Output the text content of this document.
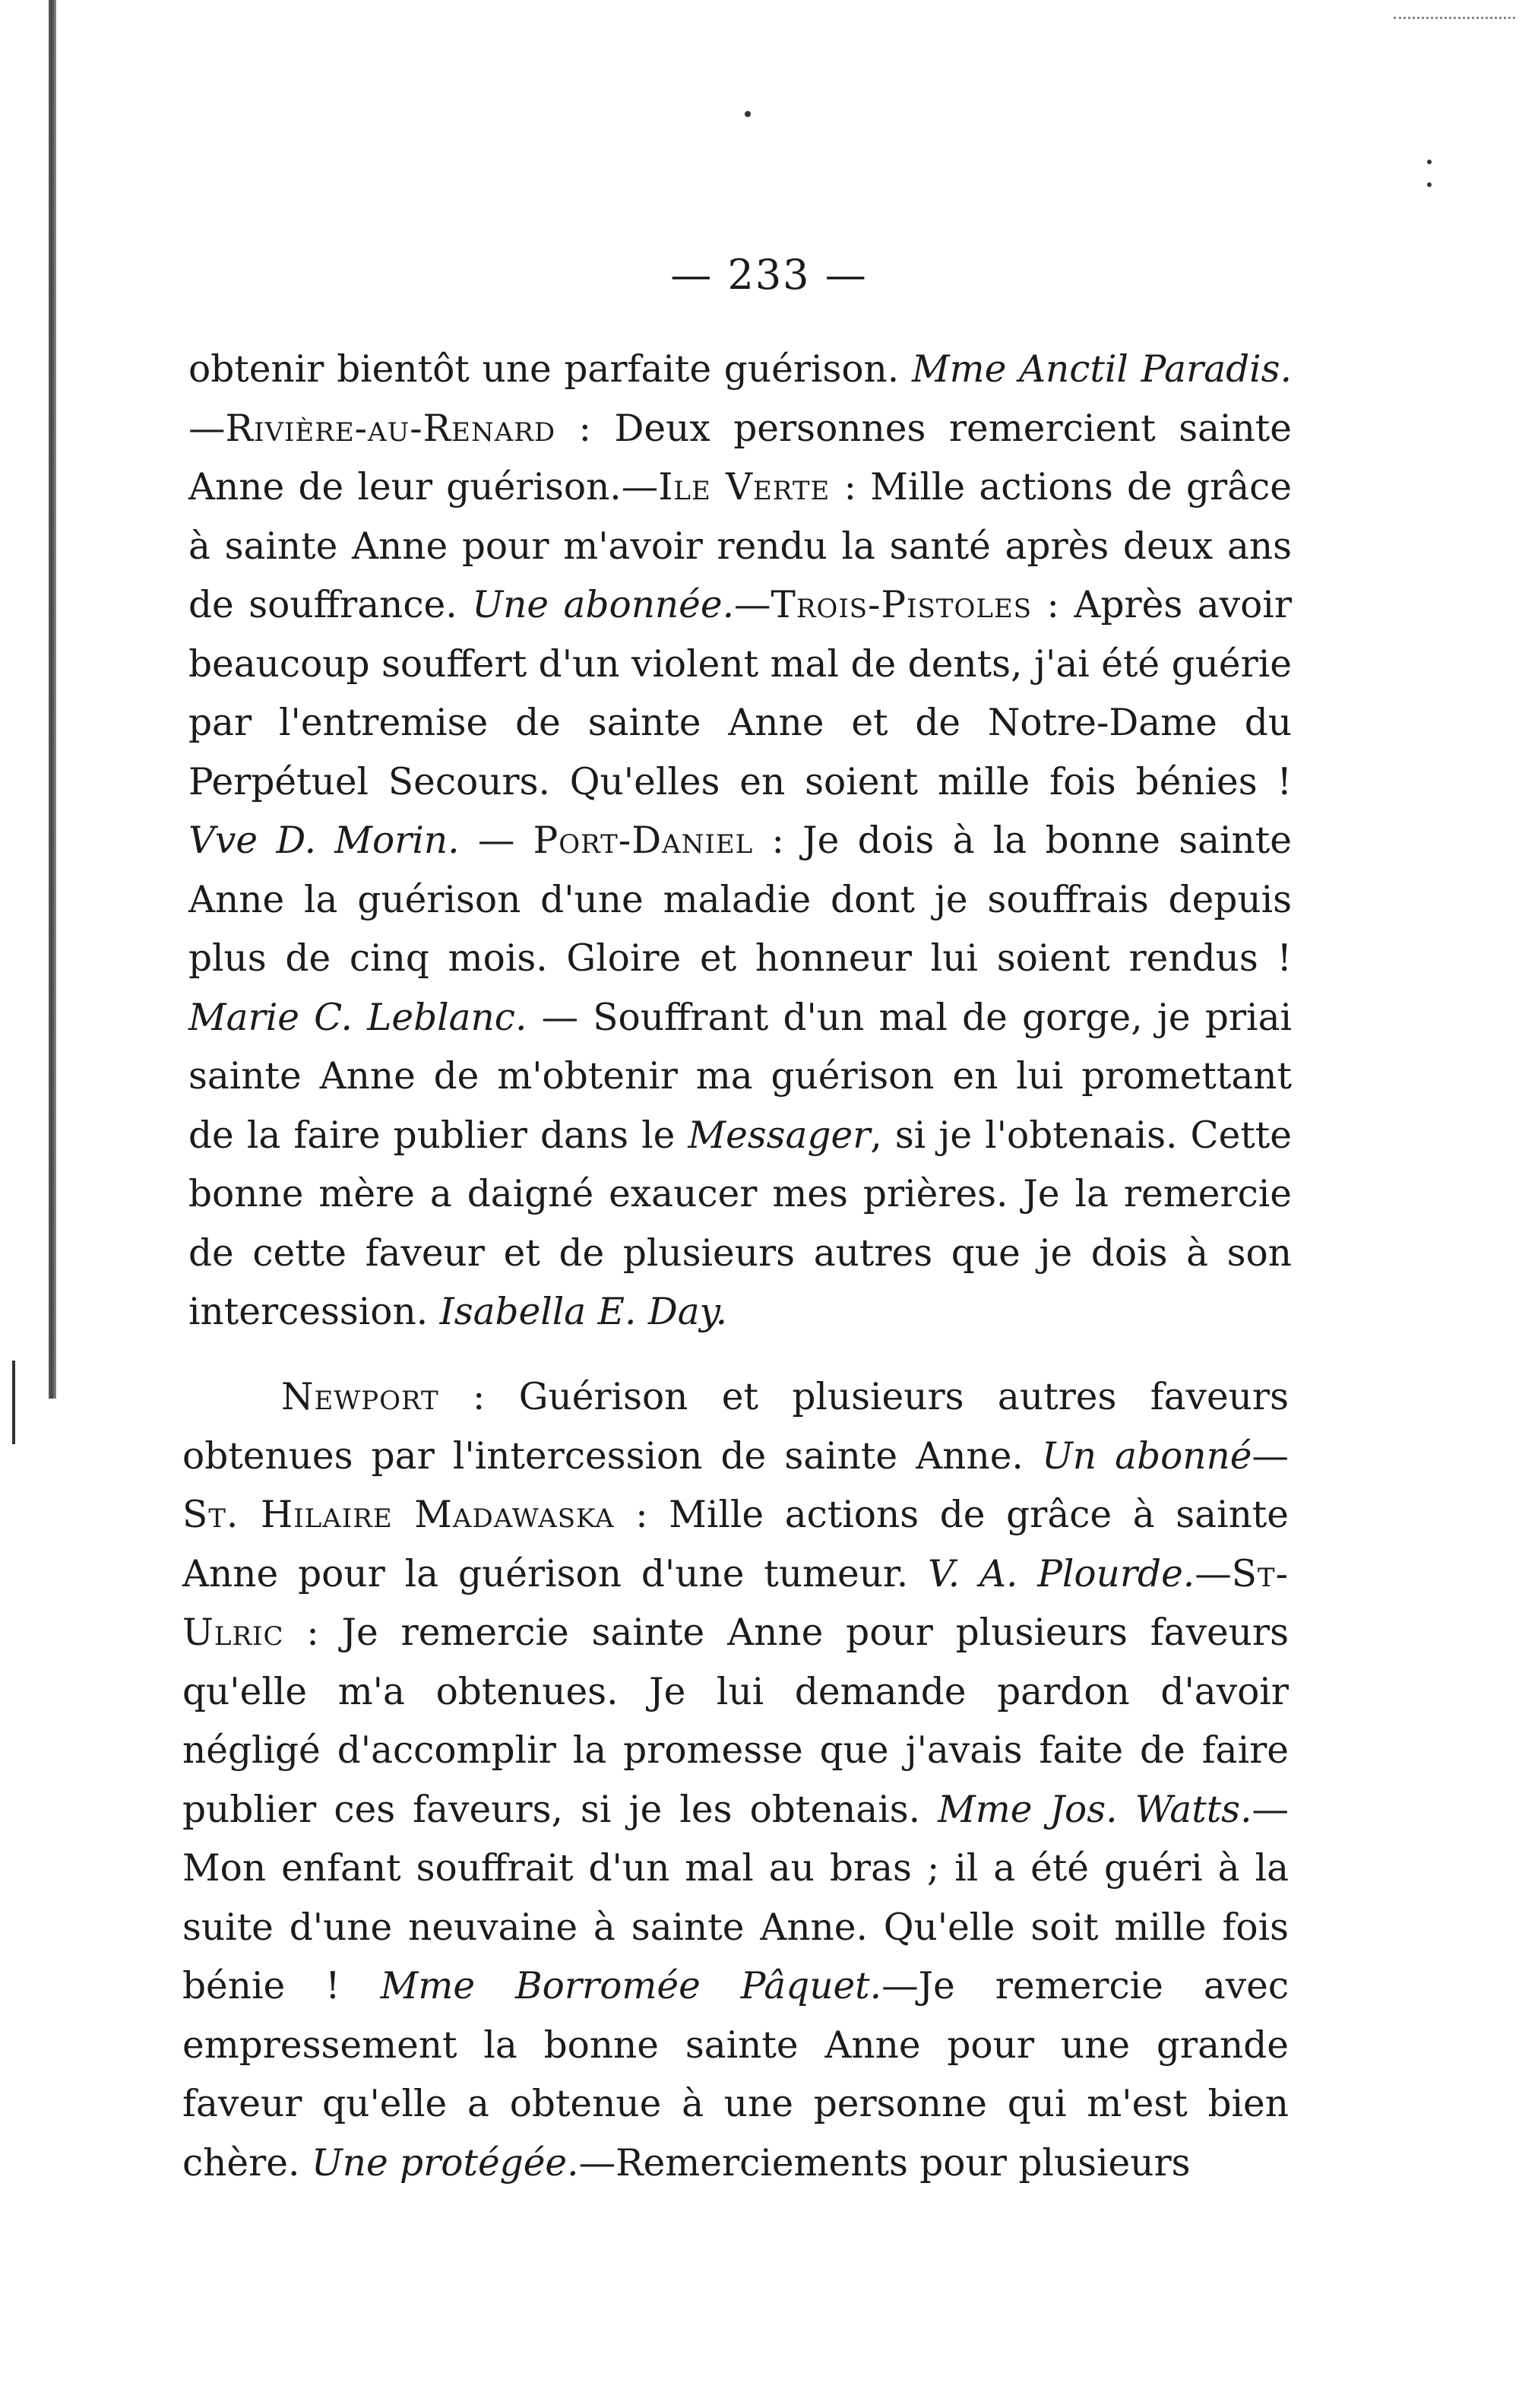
— 233 —

obtenir bientôt une parfaite guérison. Mme Anctil Paradis.—Rivière-au-Renard : Deux personnes remercient sainte Anne de leur guérison.—Ile Verte : Mille actions de grâce à sainte Anne pour m'avoir rendu la santé après deux ans de souffrance. Une abonnée.—Trois-Pistoles : Après avoir beaucoup souffert d'un violent mal de dents, j'ai été guérie par l'entremise de sainte Anne et de Notre-Dame du Perpétuel Secours. Qu'elles en soient mille fois bénies ! Vve D. Morin. — Port-Daniel : Je dois à la bonne sainte Anne la guérison d'une maladie dont je souffrais depuis plus de cinq mois. Gloire et honneur lui soient rendus ! Marie C. Leblanc. — Souffrant d'un mal de gorge, je priai sainte Anne de m'obtenir ma guérison en lui promettant de la faire publier dans le Messager, si je l'obtenais. Cette bonne mère a daigné exaucer mes prières. Je la remercie de cette faveur et de plusieurs autres que je dois à son intercession. Isabella E. Day.

Newport : Guérison et plusieurs autres faveurs obtenues par l'intercession de sainte Anne. Un abonné—St. Hilaire Madawaska : Mille actions de grâce à sainte Anne pour la guérison d'une tumeur. V. A. Plourde.—St-Ulric : Je remercie sainte Anne pour plusieurs faveurs qu'elle m'a obtenues. Je lui demande pardon d'avoir négligé d'accomplir la promesse que j'avais faite de faire publier ces faveurs, si je les obtenais. Mme Jos. Watts.—Mon enfant souffrait d'un mal au bras ; il a été guéri à la suite d'une neuvaine à sainte Anne. Qu'elle soit mille fois bénie ! Mme Borromée Pâquet.—Je remercie avec empressement la bonne sainte Anne pour une grande faveur qu'elle a obtenue à une personne qui m'est bien chère. Une protégée.—Remerciements pour plusieurs
